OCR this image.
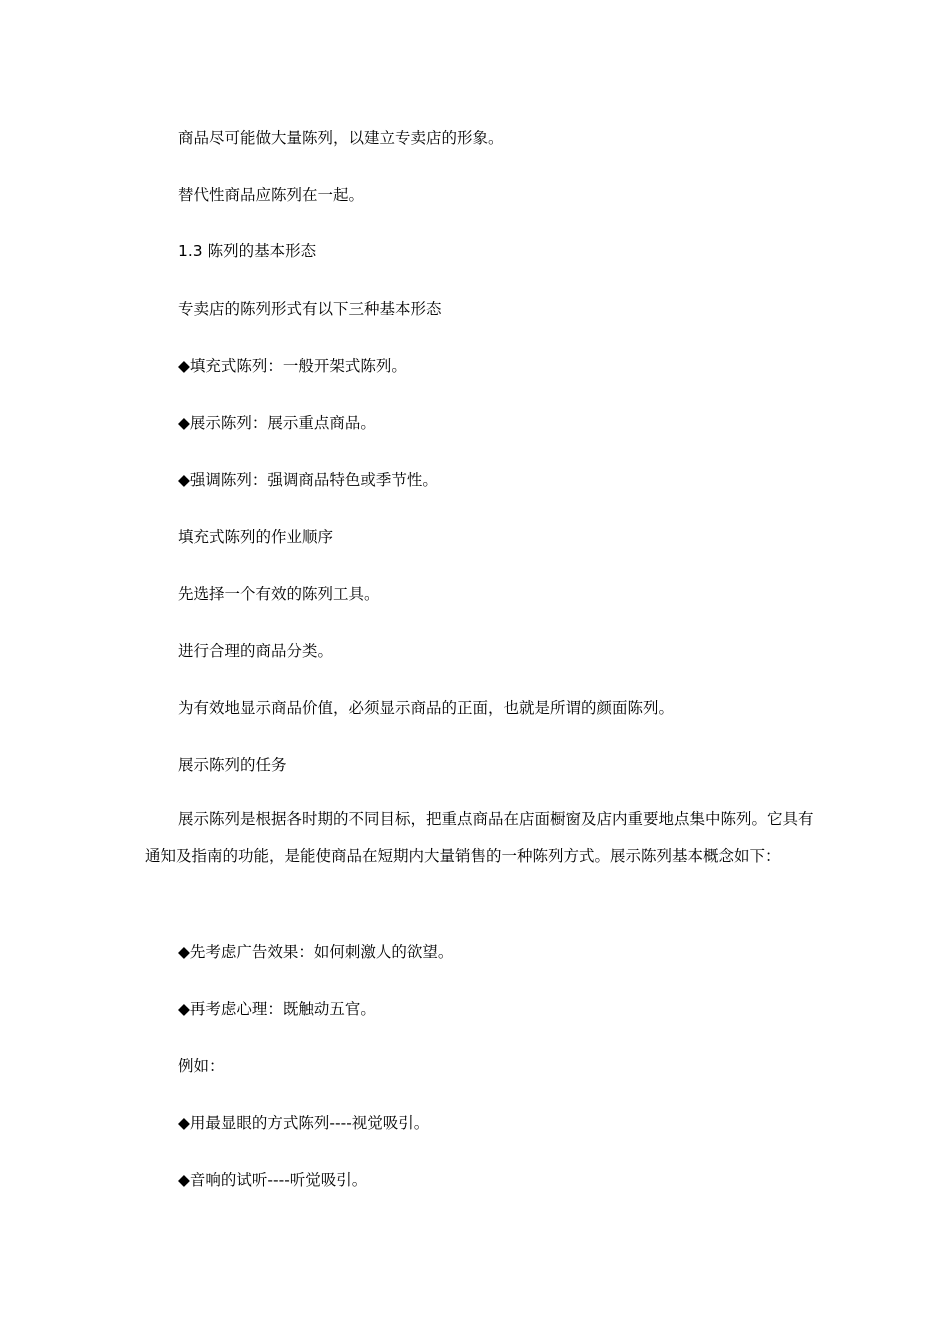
商品尽可能做大量陈列，以建立专卖店的形象。

替代性商品应陈列在一起。

1.3 陈列的基本形态

专卖店的陈列形式有以下三种基本形态

◆填充式陈列：一般开架式陈列。

◆展示陈列：展示重点商品。

◆强调陈列：强调商品特色或季节性。

填充式陈列的作业顺序

先选择一个有效的陈列工具。

进行合理的商品分类。

为有效地显示商品价值，必须显示商品的正面，也就是所谓的颜面陈列。

展示陈列的任务

展示陈列是根据各时期的不同目标，把重点商品在店面橱窗及店内重要地点集中陈列。它具有通知及指南的功能，是能使商品在短期内大量销售的一种陈列方式。展示陈列基本概念如下：

◆先考虑广告效果：如何刺激人的欲望。

◆再考虑心理：既触动五官。

例如：

◆用最显眼的方式陈列----视觉吸引。

◆音响的试听----听觉吸引。
